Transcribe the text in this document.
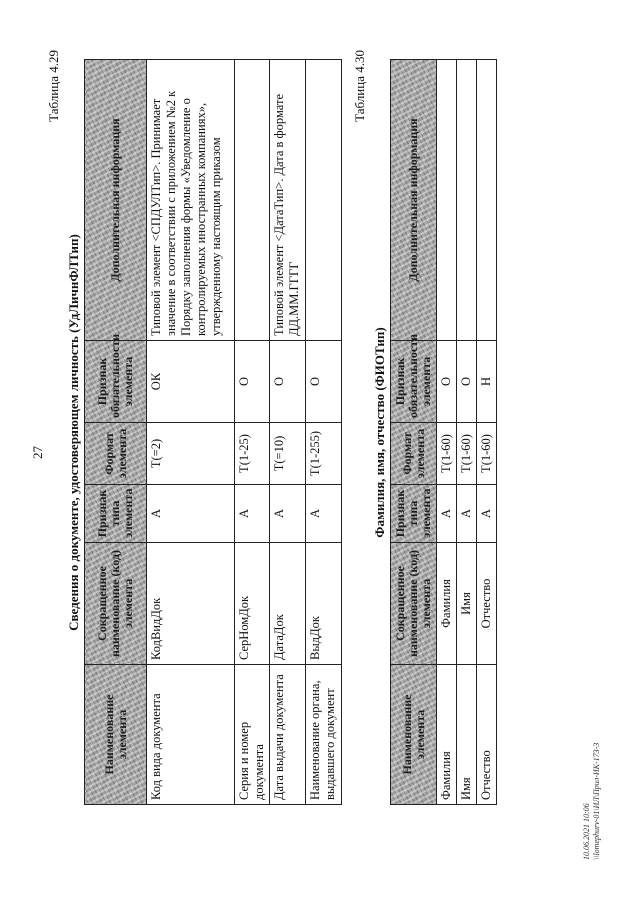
27
Таблица 4.29
Сведения о документе, удостоверяющем личность (УдЛичнФЛТип)
Наименование элемента	Сокращенное наименование (код) элемента	Признак типа элемента	Формат элемента	Признак обязательности элемента	Дополнительная информация
Код вида документа	КодВидДок	А	T(=2)	ОК	Типовой элемент <СПДУЛТип>. Принимает значение в соответствии с приложением №2 к Порядку заполнения формы «Уведомление о контролируемых иностранных компаниях», утвержденному настоящим приказом
Серия и номер документа	СерНомДок	А	T(1-25)	О	
Дата выдачи документа	ДатаДок	А	T(=10)	О	Типовой элемент <ДатаТип>. Дата в формате ДД.ММ.ГГГГ
Наименование органа, выдавшего документ	ВыдДок	А	T(1-255)	О	
Таблица 4.30
Фамилия, имя, отчество (ФИОТип)
Наименование элемента	Сокращенное наименование (код) элемента	Признак типа элемента	Формат элемента	Признак обязательности элемента	Дополнительная информация
Фамилия	Фамилия	А	T(1-60)	О	
Имя	Имя	А	T(1-60)	О	
Отчество	Отчество	А	T(1-60)	Н	
10.06.2021 10:06 \\lomephurv-01\ИЛ\Прил-ИК-173-3
